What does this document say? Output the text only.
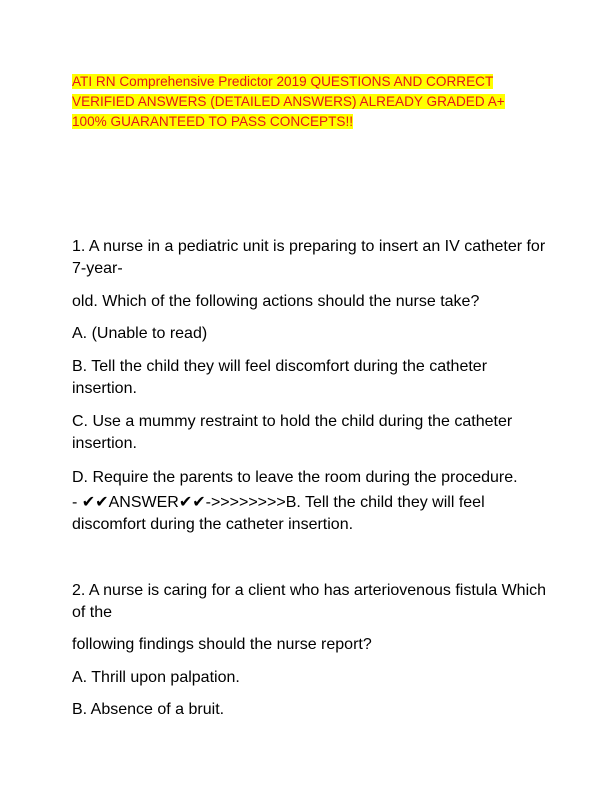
ATI RN Comprehensive Predictor 2019 QUESTIONS AND CORRECT VERIFIED ANSWERS (DETAILED ANSWERS) ALREADY GRADED A+ 100% GUARANTEED TO PASS CONCEPTS!!

1. A nurse in a pediatric unit is preparing to insert an IV catheter for 7-year-

old. Which of the following actions should the nurse take?

A. (Unable to read)

B. Tell the child they will feel discomfort during the catheter insertion.

C. Use a mummy restraint to hold the child during the catheter insertion.

D. Require the parents to leave the room during the procedure.

- ✔✔ANSWER✔✔->>>>>>>>B. Tell the child they will feel discomfort during the catheter insertion.

2. A nurse is caring for a client who has arteriovenous fistula Which of the

following findings should the nurse report?

A. Thrill upon palpation.

B. Absence of a bruit.
